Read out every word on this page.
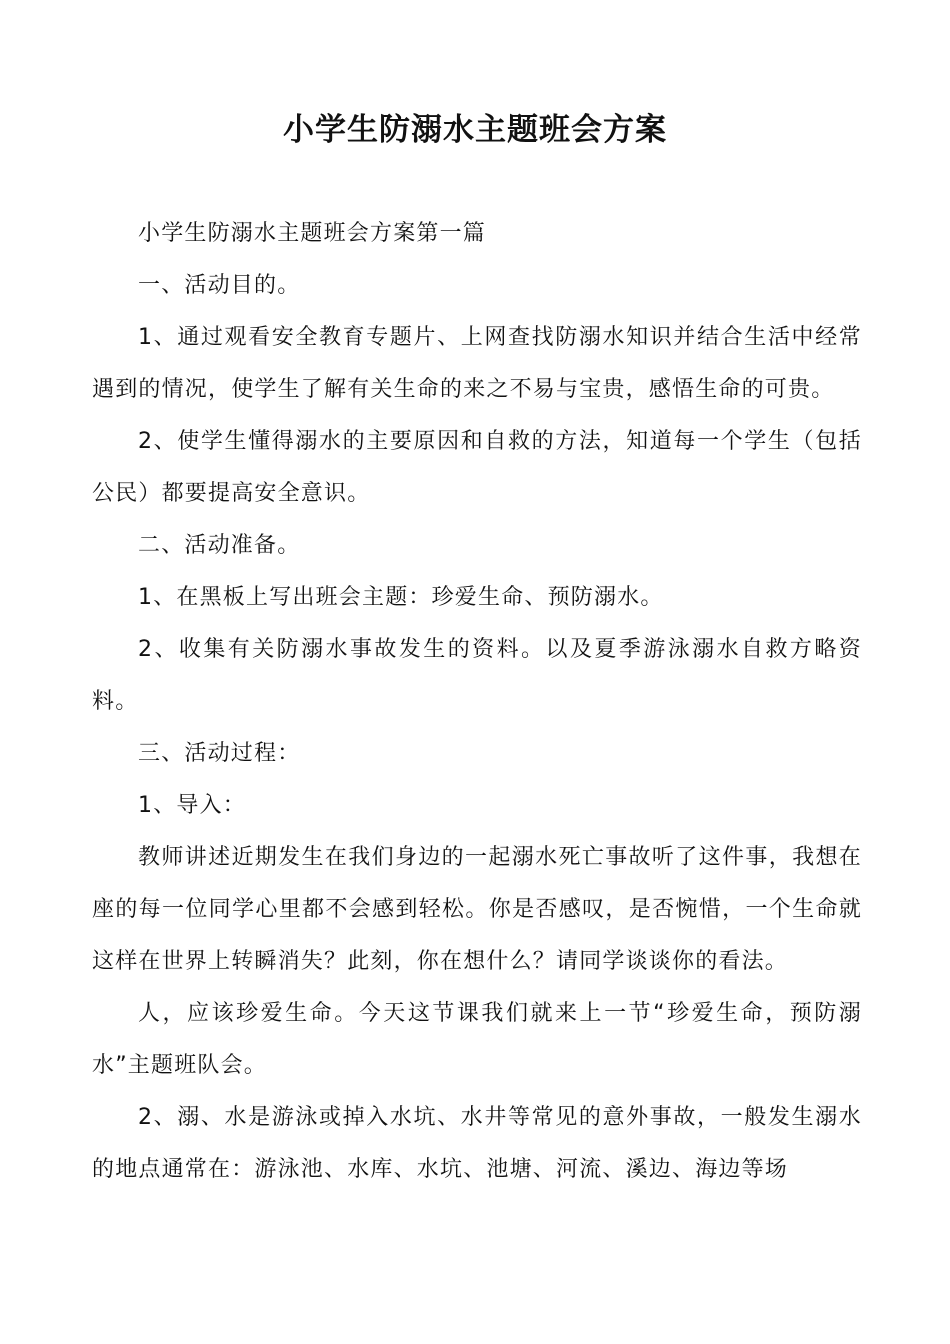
小学生防溺水主题班会方案

小学生防溺水主题班会方案第一篇

一、活动目的。

1、通过观看安全教育专题片、上网查找防溺水知识并结合生活中经常遇到的情况，使学生了解有关生命的来之不易与宝贵，感悟生命的可贵。

2、使学生懂得溺水的主要原因和自救的方法，知道每一个学生（包括公民）都要提高安全意识。

二、活动准备。

1、在黑板上写出班会主题：珍爱生命、预防溺水。

2、收集有关防溺水事故发生的资料。以及夏季游泳溺水自救方略资料。

三、活动过程：

1、导入：

教师讲述近期发生在我们身边的一起溺水死亡事故听了这件事，我想在座的每一位同学心里都不会感到轻松。你是否感叹，是否惋惜，一个生命就这样在世界上转瞬消失？此刻，你在想什么？请同学谈谈你的看法。

人，应该珍爱生命。今天这节课我们就来上一节“珍爱生命，预防溺水”主题班队会。

2、溺、水是游泳或掉入水坑、水井等常见的意外事故，一般发生溺水的地点通常在：游泳池、水库、水坑、池塘、河流、溪边、海边等场
